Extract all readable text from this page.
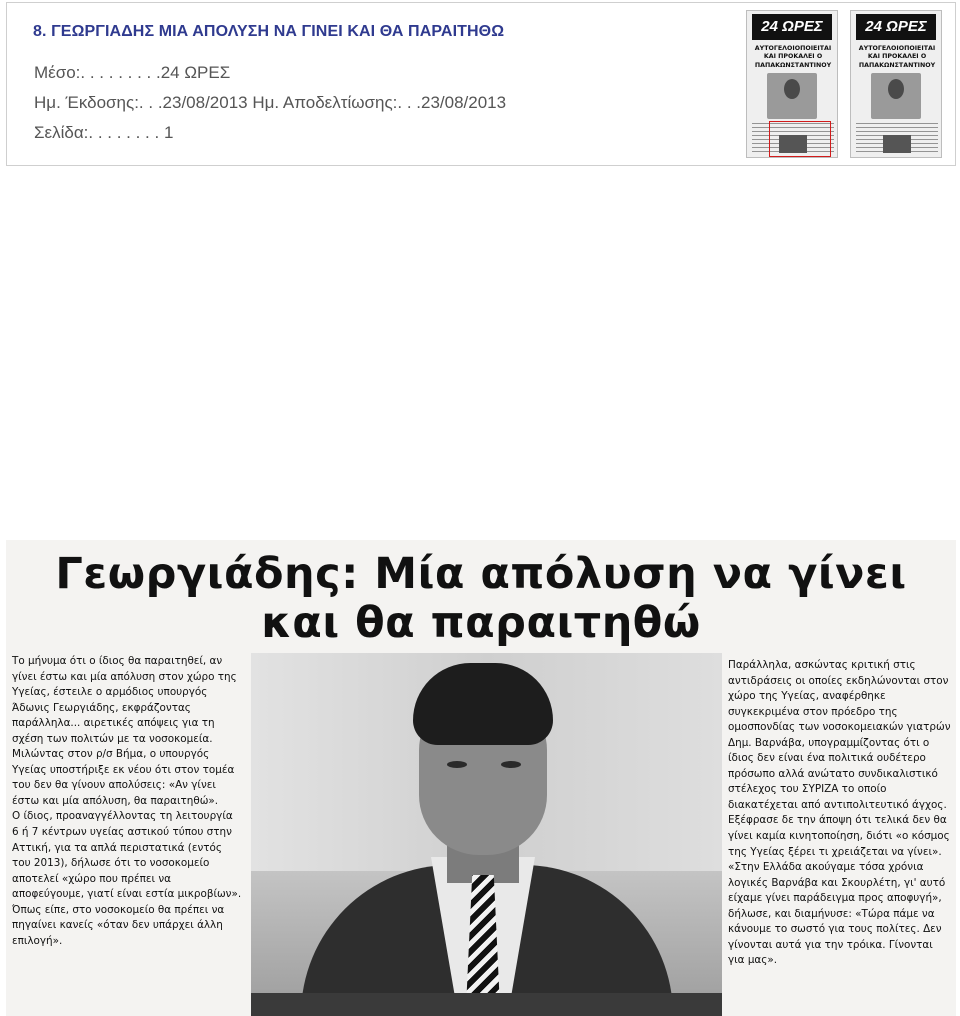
8. ΓΕΩΡΓΙΑΔΗΣ ΜΙΑ ΑΠΟΛΥΣΗ ΝΑ ΓΙΝΕΙ ΚΑΙ ΘΑ ΠΑΡΑΙΤΗΘΩ
Μέσο:. . . . . . . . .24 ΩΡΕΣ
Ημ. Έκδοσης:. . .23/08/2013 Ημ. Αποδελτίωσης:. . .23/08/2013
Σελίδα:. . . . . . . . 1
24 ΩΡΕΣ
ΑΥΤΟΓΕΛΟΙΟΠΟΙΕΙΤΑΙ ΚΑΙ ΠΡΟΚΑΛΕΙ Ο ΠΑΠΑΚΩΝΣΤΑΝΤΙΝΟΥ
24 ΩΡΕΣ
ΑΥΤΟΓΕΛΟΙΟΠΟΙΕΙΤΑΙ ΚΑΙ ΠΡΟΚΑΛΕΙ Ο ΠΑΠΑΚΩΝΣΤΑΝΤΙΝΟΥ
Γεωργιάδης: Μία απόλυση να γίνει
και θα παραιτηθώ

Το μήνυμα ότι ο ίδιος θα παραιτηθεί, αν γίνει έστω και μία απόλυση στον χώρο της Υγείας, έστειλε ο αρμόδιος υπουργός Άδωνις Γεωργιάδης, εκφράζοντας παράλληλα... αιρετικές απόψεις για τη σχέση των πολιτών με τα νοσοκομεία.
Μιλώντας στον ρ/σ Βήμα, ο υπουργός Υγείας υποστήριξε εκ νέου ότι στον τομέα του δεν θα γίνουν απολύσεις: «Αν γίνει έστω και μία απόλυση, θα παραιτηθώ».
Ο ίδιος, προαναγγέλλοντας τη λειτουργία 6 ή 7 κέντρων υγείας αστικού τύπου στην Αττική, για τα απλά περιστατικά (εντός του 2013), δήλωσε ότι το νοσοκομείο αποτελεί «χώρο που πρέπει να αποφεύγουμε, γιατί είναι εστία μικροβίων».
Όπως είπε, στο νοσοκομείο θα πρέπει να πηγαίνει κανείς «όταν δεν υπάρχει άλλη επιλογή».

Παράλληλα, ασκώντας κριτική στις αντιδράσεις οι οποίες εκδηλώνονται στον χώρο της Υγείας, αναφέρθηκε συγκεκριμένα στον πρόεδρο της ομοσπονδίας των νοσοκομειακών γιατρών Δημ. Βαρνάβα, υπογραμμίζοντας ότι ο ίδιος δεν είναι ένα πολιτικά ουδέτερο πρόσωπο αλλά ανώτατο συνδικαλιστικό στέλεχος του ΣΥΡΙΖΑ το οποίο διακατέχεται από αντιπολιτευτικό άγχος.
Εξέφρασε δε την άποψη ότι τελικά δεν θα γίνει καμία κινητοποίηση, διότι «ο κόσμος της Υγείας ξέρει τι χρειάζεται να γίνει».
«Στην Ελλάδα ακούγαμε τόσα χρόνια λογικές Βαρνάβα και Σκουρλέτη, γι' αυτό είχαμε γίνει παράδειγμα προς αποφυγή», δήλωσε, και διαμήνυσε: «Τώρα πάμε να κάνουμε το σωστό για τους πολίτες. Δεν γίνονται αυτά για την τρόικα. Γίνονται για μας».
